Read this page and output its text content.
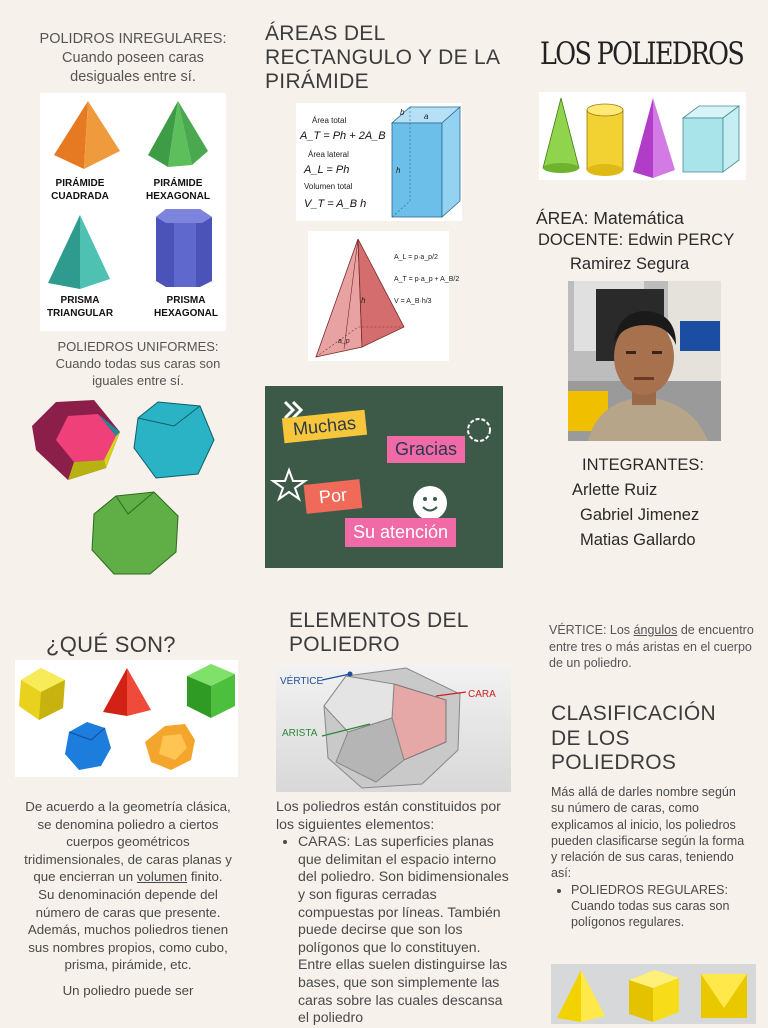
POLIDROS INREGULARES:
Cuando poseen caras desiguales entre sí.
PIRÁMIDE
CUADRADA
PIRÁMIDE
HEXAGONAL
PRISMA
TRIANGULAR
PRISMA
HEXAGONAL
POLIEDROS UNIFORMES:
Cuando todas sus caras son iguales entre sí.
¿QUÉ SON?
De acuerdo a la geometría clásica, se denomina poliedro a ciertos cuerpos geométricos tridimensionales, de caras planas y que encierran un volumen finito.
Su denominación depende del número de caras que presente. Además, muchos poliedros tienen sus nombres propios, como cubo, prisma, pirámide, etc.
Un poliedro puede ser
ÁREAS DEL RECTANGULO Y DE LA PIRÁMIDE
Área total
A_T = Ph + 2A_B
Área lateral
A_L = Ph
Volumen total
V_T = A_B h
b a
h
h
a_p
A_L = p·a_p/2
A_T = p·a_p + A_B/2
V = A_B·h/3
Muchas
Gracias
Por
Su atención
ELEMENTOS DEL POLIEDRO
VÉRTICE
CARA
ARISTA
Los poliedros están constituidos por los siguientes elementos:
• CARAS: Las superficies planas que delimitan el espacio interno del poliedro. Son bidimensionales y son figuras cerradas compuestas por líneas. También puede decirse que son los polígonos que lo constituyen. Entre ellas suelen distinguirse las bases, que son simplemente las caras sobre las cuales descansa el poliedro
LOS POLIEDROS
ÁREA: Matemática
DOCENTE: Edwin PERCY
Ramirez Segura
INTEGRANTES:
Arlette Ruiz
Gabriel Jimenez
Matias Gallardo
VÉRTICE: Los ángulos de encuentro entre tres o más aristas en el cuerpo de un poliedro.
CLASIFICACIÓN DE LOS POLIEDROS
Más allá de darles nombre según su número de caras, como explicamos al inicio, los poliedros pueden clasificarse según la forma y relación de sus caras, teniendo así:
• POLIEDROS REGULARES: Cuando todas sus caras son polígonos regulares.
